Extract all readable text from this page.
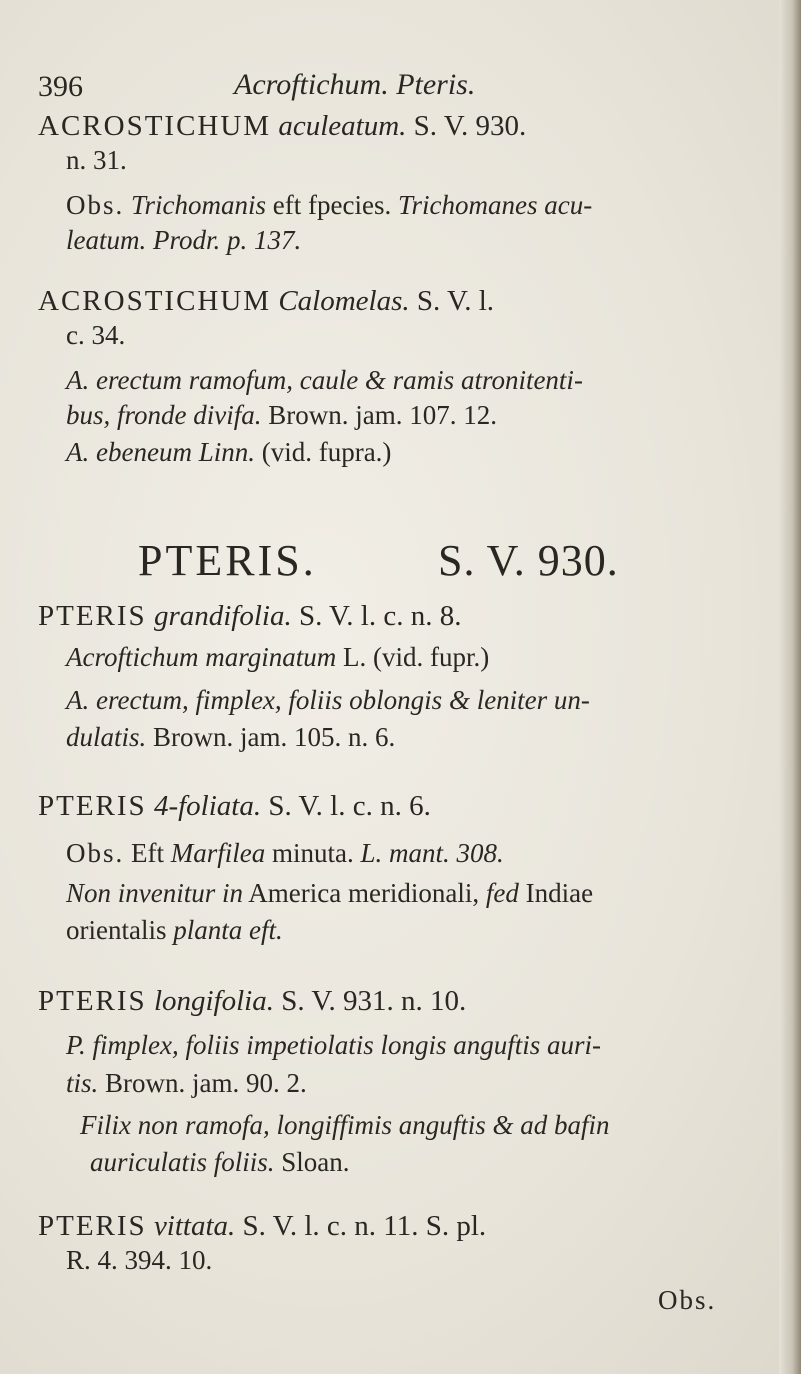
396	Acroftichum. Pteris.
ACROSTICHUM aculeatum. S. V. 930.
n. 31.
Obs. Trichomanis eft fpecies. Trichomanes acu-
leatum. Prodr. p. 137.
ACROSTICHUM Calomelas. S. V. l.
c. 34.
A. erectum ramofum, caule & ramis atronitenti-
bus, fronde divifa. Brown. jam. 107. 12.
A. ebeneum Linn. (vid. fupra.)
PTERIS.	S. V. 930.
PTERIS grandifolia. S. V. l. c. n. 8.
Acroftichum marginatum L. (vid. fupr.)
A. erectum, fimplex, foliis oblongis & leniter un-
dulatis. Brown. jam. 105. n. 6.
PTERIS 4-foliata. S. V. l. c. n. 6.
Obs. Eft Marfilea minuta. L. mant. 308.
Non invenitur in America meridionali, fed Indiae
orientalis planta eft.
PTERIS longifolia. S. V. 931. n. 10.
P. fimplex, foliis impetiolatis longis anguftis auri-
tis. Brown. jam. 90. 2.
Filix non ramofa, longiffimis anguftis & ad bafin
auriculatis foliis. Sloan.
PTERIS vittata. S. V. l. c. n. 11. S. pl.
R. 4. 394. 10.
Obs.
